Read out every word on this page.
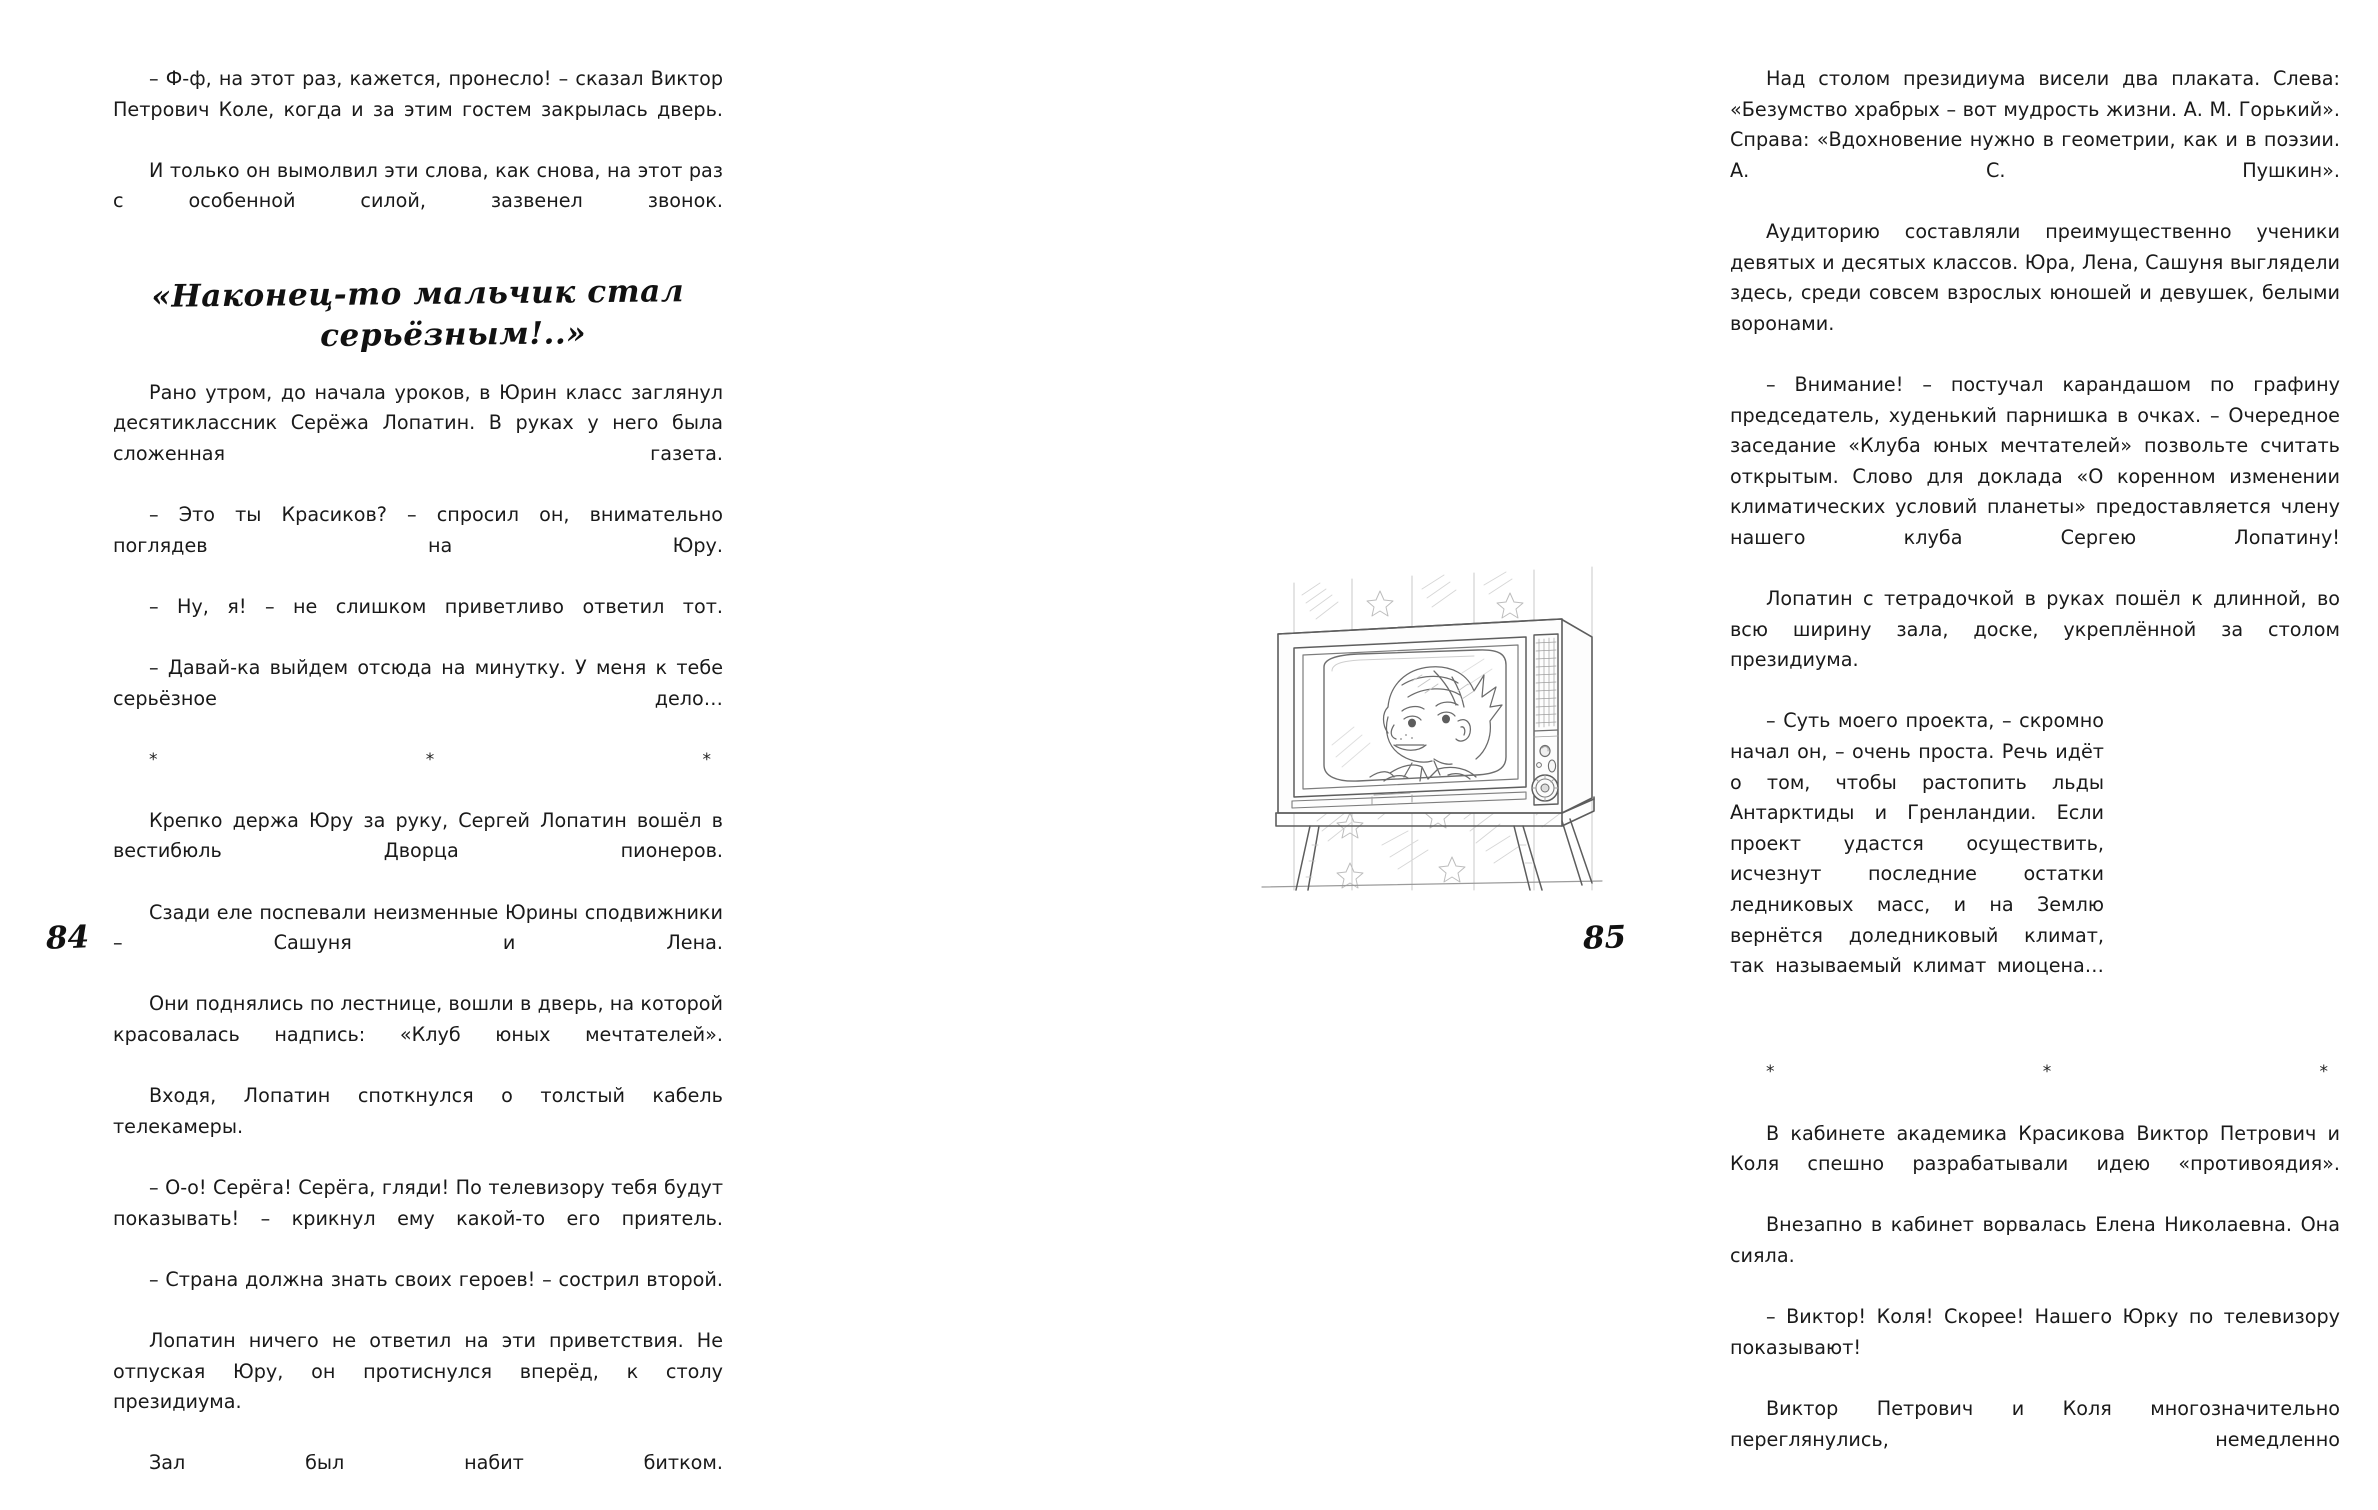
– Ф-ф, на этот раз, кажется, пронесло! – сказал Виктор Петрович Коле, когда и за этим гостем закрылась дверь.

И только он вымолвил эти слова, как снова, на этот раз с особенной силой, зазвенел звонок.

«Наконец-то мальчик стал
серьёзным!..»

Рано утром, до начала уроков, в Юрин класс заглянул десятиклассник Серёжа Лопатин. В руках у него была сложенная газета.

– Это ты Красиков? – спросил он, внимательно поглядев на Юру.

– Ну, я! – не слишком приветливо ответил тот.

– Давай-ка выйдем отсюда на минутку. У меня к тебе серьёзное дело…

* * *

Крепко держа Юру за руку, Сергей Лопатин вошёл в вестибюль Дворца пионеров.

Сзади еле поспевали неизменные Юрины сподвижники – Сашуня и Лена.

Они поднялись по лестнице, вошли в дверь, на которой красовалась надпись: «Клуб юных мечтателей».

Входя, Лопатин споткнулся о толстый кабель телекамеры.

– О-о! Серёга! Серёга, гляди! По телевизору тебя будут показывать! – крикнул ему какой-то его приятель.

– Страна должна знать своих героев! – сострил второй.

Лопатин ничего не ответил на эти приветствия. Не отпуская Юру, он протиснулся вперёд, к столу президиума.

Зал был набит битком.

84

Над столом президиума висели два плаката. Слева: «Безумство храбрых – вот мудрость жизни. А. М. Горький». Справа: «Вдохновение нужно в геометрии, как и в поэзии. А. С. Пушкин».

Аудиторию составляли преимущественно ученики девятых и десятых классов. Юра, Лена, Сашуня выглядели здесь, среди совсем взрослых юношей и девушек, белыми воронами.

– Внимание! – постучал карандашом по графину председатель, худенький парнишка в очках. – Очередное заседание «Клуба юных мечтателей» позвольте считать открытым. Слово для доклада «О коренном изменении климатических условий планеты» предоставляется члену нашего клуба Сергею Лопатину!

Лопатин с тетрадочкой в руках пошёл к длинной, во всю ширину зала, доске, укреплённой за столом президиума.

– Суть моего проекта, – скромно начал он, – очень проста. Речь идёт о том, чтобы растопить льды Антарктиды и Гренландии. Если проект удастся осуществить, исчезнут последние остатки ледниковых масс, и на Землю вернётся доледниковый климат, так называемый климат миоцена…

* * *

В кабинете академика Красикова Виктор Петрович и Коля спешно разрабатывали идею «противоядия».

Внезапно в кабинет ворвалась Елена Николаевна. Она сияла.

– Виктор! Коля! Скорее! Нашего Юрку по телевизору показывают!

Виктор Петрович и Коля многозначительно переглянулись, немедленно

85
